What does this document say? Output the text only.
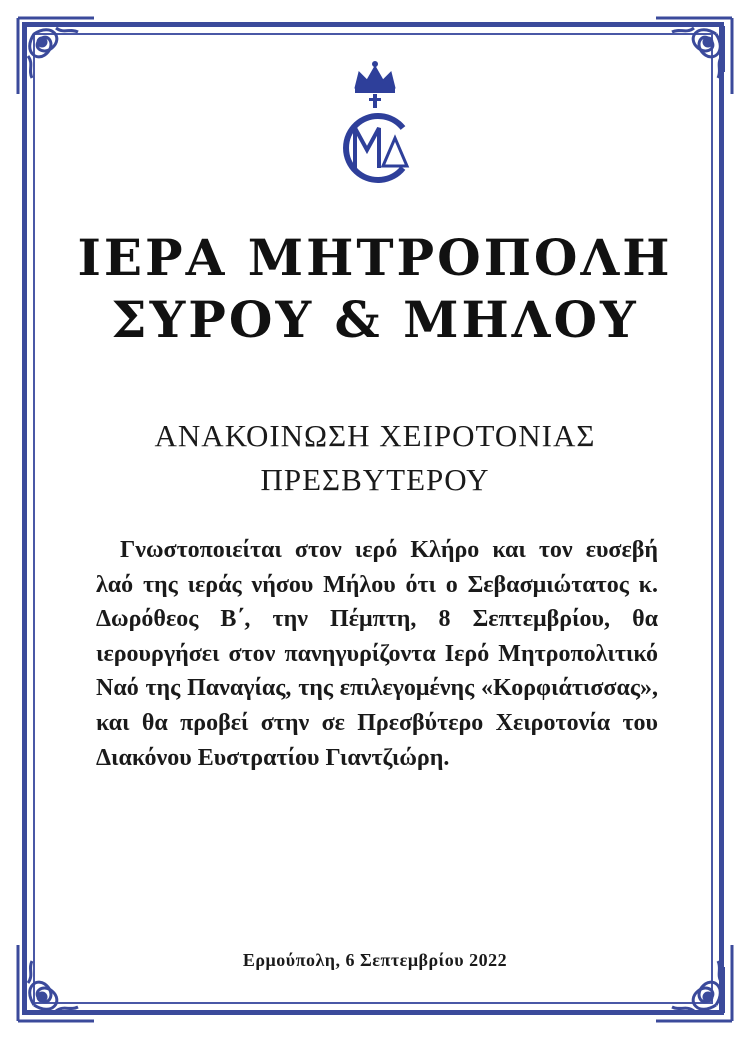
ΙΕΡΑ ΜΗΤΡΟΠΟΛΗ
ΣΥΡΟΥ & ΜΗΛΟΥ
ΑΝΑΚΟΙΝΩΣΗ ΧΕΙΡΟΤΟΝΙΑΣ
ΠΡΕΣΒΥΤΕΡΟΥ
Γνωστοποιείται στον ιερό Κλήρο και τον ευσεβή λαό της ιεράς νήσου Μήλου ότι ο Σεβασμιώτατος κ. Δωρόθεος Β΄, την Πέμπτη, 8 Σεπτεμβρίου, θα ιερουργήσει στον πανηγυρίζοντα Ιερό Μητροπολιτικό Ναό της Παναγίας, της επιλεγομένης «Κορφιάτισσας», και θα προβεί στην σε Πρεσβύτερο Χειροτονία του Διακόνου Ευστρατίου Γιαντζιώρη.
Ερμούπολη, 6 Σεπτεμβρίου 2022
